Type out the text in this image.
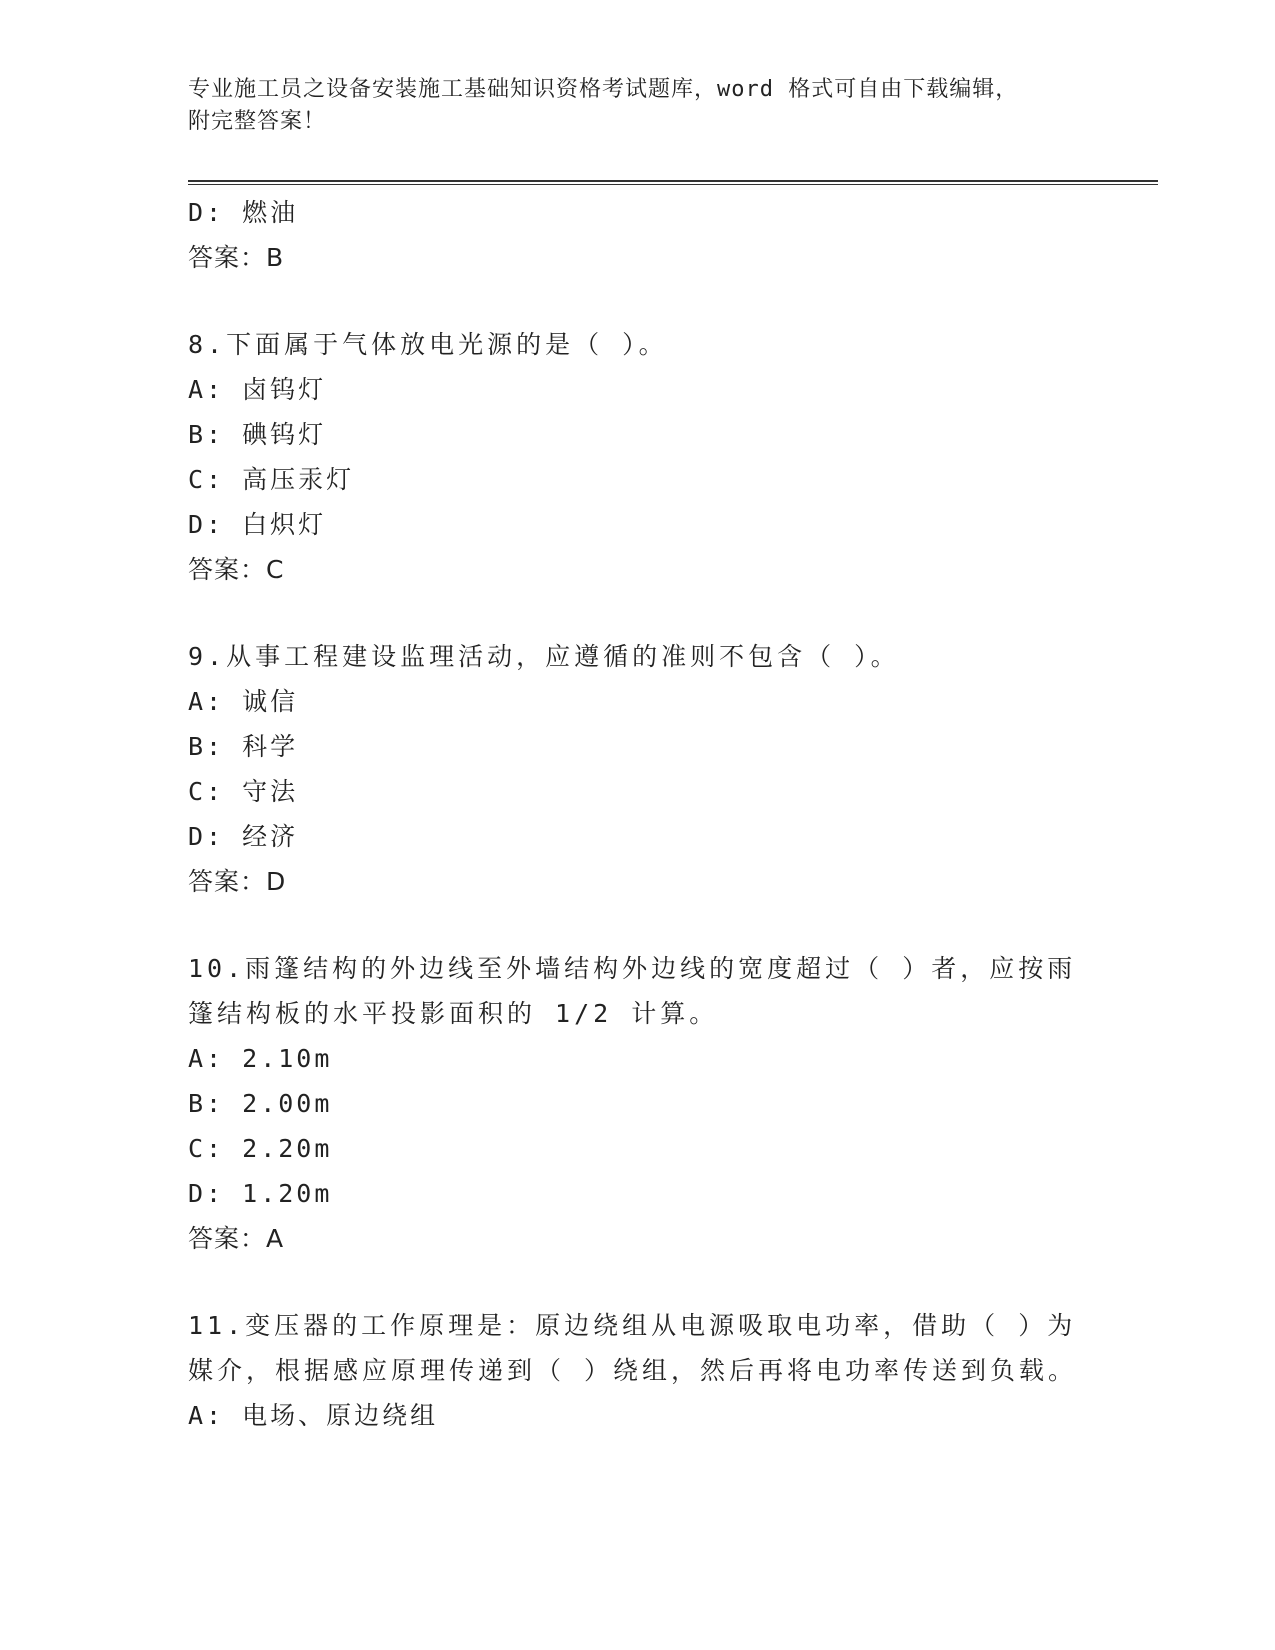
专业施工员之设备安装施工基础知识资格考试题库，word 格式可自由下载编辑，
附完整答案！
D: 燃油
答案：B
8.下面属于气体放电光源的是（ ）。
A: 卤钨灯
B: 碘钨灯
C: 高压汞灯
D: 白炽灯
答案：C
9.从事工程建设监理活动，应遵循的准则不包含（ ）。
A: 诚信
B: 科学
C: 守法
D: 经济
答案：D
10.雨篷结构的外边线至外墙结构外边线的宽度超过（ ）者，应按雨篷结构板的水平投影面积的 1/2 计算。
A: 2.10m
B: 2.00m
C: 2.20m
D: 1.20m
答案：A
11.变压器的工作原理是：原边绕组从电源吸取电功率，借助（ ）为媒介，根据感应原理传递到（ ）绕组，然后再将电功率传送到负载。
A: 电场、原边绕组
